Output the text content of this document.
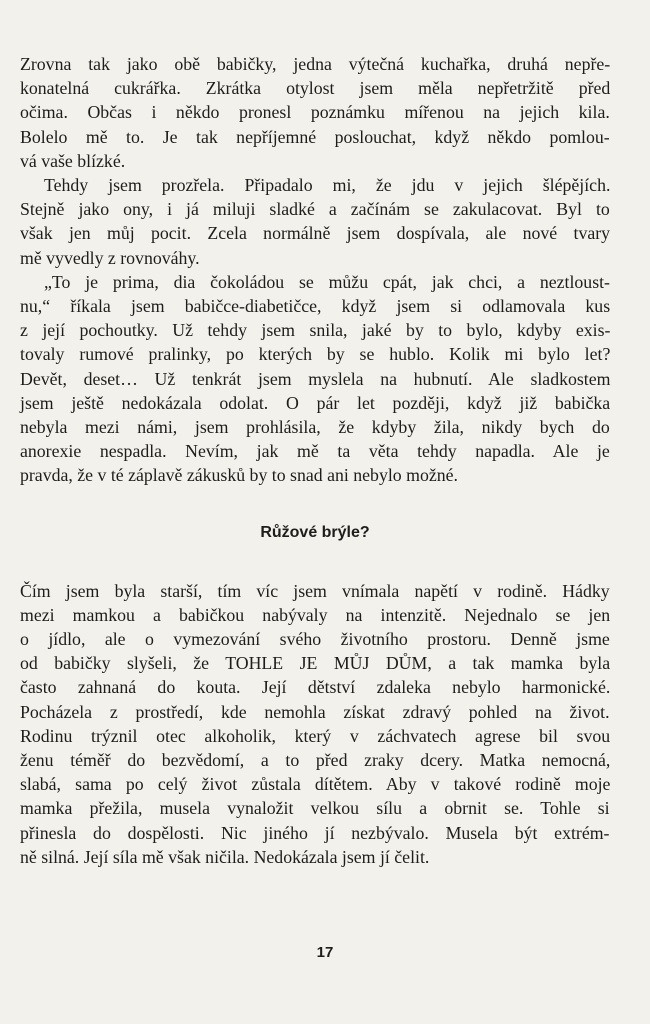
Zrovna tak jako obě babičky, jedna výtečná kuchařka, druhá nepře-
konatelná cukrářka. Zkrátka otylost jsem měla nepřetržitě před
očima. Občas i někdo pronesl poznámku mířenou na jejich kila.
Bolelo mě to. Je tak nepříjemné poslouchat, když někdo pomlou-
vá vaše blízké.

Tehdy jsem prozřela. Připadalo mi, že jdu v jejich šlépějích.
Stejně jako ony, i já miluji sladké a začínám se zakulacovat. Byl to
však jen můj pocit. Zcela normálně jsem dospívala, ale nové tvary
mě vyvedly z rovnováhy.

„To je prima, dia čokoládou se můžu cpát, jak chci, a neztloust-
nu,“ říkala jsem babičce-diabetičce, když jsem si odlamovala kus
z její pochoutky. Už tehdy jsem snila, jaké by to bylo, kdyby exis-
tovaly rumové pralinky, po kterých by se hublo. Kolik mi bylo let?
Devět, deset… Už tenkrát jsem myslela na hubnutí. Ale sladkostem
jsem ještě nedokázala odolat. O pár let později, když již babička
nebyla mezi námi, jsem prohlásila, že kdyby žila, nikdy bych do
anorexie nespadla. Nevím, jak mě ta věta tehdy napadla. Ale je
pravda, že v té záplavě zákusků by to snad ani nebylo možné.

Růžové brýle?

Čím jsem byla starší, tím víc jsem vnímala napětí v rodině. Hádky
mezi mamkou a babičkou nabývaly na intenzitě. Nejednalo se jen
o jídlo, ale o vymezování svého životního prostoru. Denně jsme
od babičky slyšeli, že TOHLE JE MŮJ DŮM, a tak mamka byla
často zahnaná do kouta. Její dětství zdaleka nebylo harmonické.
Pocházela z prostředí, kde nemohla získat zdravý pohled na život.
Rodinu trýznil otec alkoholik, který v záchvatech agrese bil svou
ženu téměř do bezvědomí, a to před zraky dcery. Matka nemocná,
slabá, sama po celý život zůstala dítětem. Aby v takové rodině moje
mamka přežila, musela vynaložit velkou sílu a obrnit se. Tohle si
přinesla do dospělosti. Nic jiného jí nezbývalo. Musela být extrém-
ně silná. Její síla mě však ničila. Nedokázala jsem jí čelit.

17
